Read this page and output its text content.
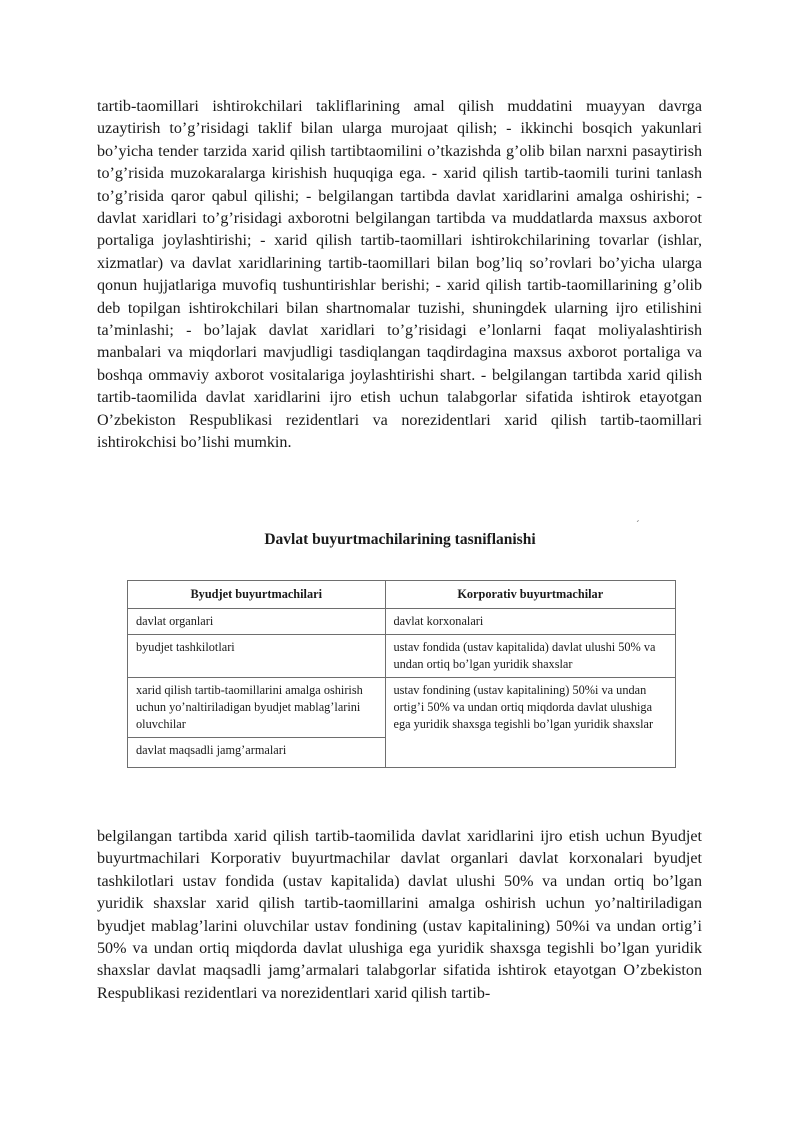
tartib-taomillari ishtirokchilari takliflarining amal qilish muddatini muayyan davrga uzaytirish to’g’risidagi taklif bilan ularga murojaat qilish; - ikkinchi bosqich yakunlari bo’yicha tender tarzida xarid qilish tartibtaomilini o’tkazishda g’olib bilan narxni pasaytirish to’g’risida muzokaralarga kirishish huquqiga ega. - xarid qilish tartib-taomili turini tanlash to’g’risida qaror qabul qilishi; - belgilangan tartibda davlat xaridlarini amalga oshirishi; - davlat xaridlari to’g’risidagi axborotni belgilangan tartibda va muddatlarda maxsus axborot portaliga joylashtirishi; - xarid qilish tartib-taomillari ishtirokchilarining tovarlar (ishlar, xizmatlar) va davlat xaridlarining tartib-taomillari bilan bog’liq so’rovlari bo’yicha ularga qonun hujjatlariga muvofiq tushuntirishlar berishi; - xarid qilish tartib-taomillarining g’olib deb topilgan ishtirokchilari bilan shartnomalar tuzishi, shuningdek ularning ijro etilishini ta’minlashi; - bo’lajak davlat xaridlari to’g’risidagi e’lonlarni faqat moliyalashtirish manbalari va miqdorlari mavjudligi tasdiqlangan taqdirdagina maxsus axborot portaliga va boshqa ommaviy axborot vositalariga joylashtirishi shart. - belgilangan tartibda xarid qilish tartib-taomilida davlat xaridlarini ijro etish uchun talabgorlar sifatida ishtirok etayotgan O’zbekiston Respublikasi rezidentlari va norezidentlari xarid qilish tartib-taomillari ishtirokchisi bo’lishi mumkin.

ˊ

Davlat buyurtmachilarining tasniflanishi

Byudjet buyurtmachilari	Korporativ buyurtmachilar
davlat organlari	davlat korxonalari
byudjet tashkilotlari	ustav fondida (ustav kapitalida) davlat ulushi 50% va undan ortiq bo’lgan yuridik shaxslar
xarid qilish tartib-taomillarini amalga oshirish uchun yo’naltiriladigan byudjet mablag’larini oluvchilar	ustav fondining (ustav kapitalining) 50%i va undan ortig’i 50% va undan ortiq miqdorda davlat ulushiga ega yuridik shaxsga tegishli bo’lgan yuridik shaxslar
davlat maqsadli jamg’armalari	

belgilangan tartibda xarid qilish tartib-taomilida davlat xaridlarini ijro etish uchun Byudjet buyurtmachilari Korporativ buyurtmachilar davlat organlari davlat korxonalari byudjet tashkilotlari ustav fondida (ustav kapitalida) davlat ulushi 50% va undan ortiq bo’lgan yuridik shaxslar xarid qilish tartib-taomillarini amalga oshirish uchun yo’naltiriladigan byudjet mablag’larini oluvchilar ustav fondining (ustav kapitalining) 50%i va undan ortig’i 50% va undan ortiq miqdorda davlat ulushiga ega yuridik shaxsga tegishli bo’lgan yuridik shaxslar davlat maqsadli jamg’armalari talabgorlar sifatida ishtirok etayotgan O’zbekiston Respublikasi rezidentlari va norezidentlari xarid qilish tartib-
